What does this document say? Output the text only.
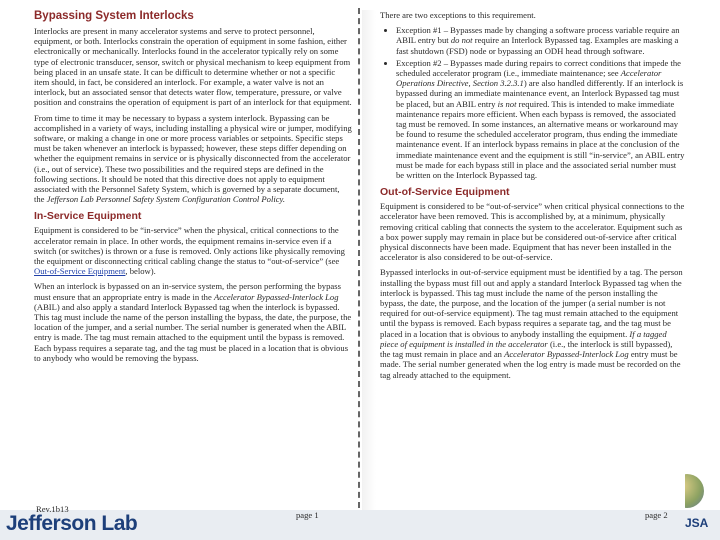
Jefferson Lab	JSA
Bypassing System Interlocks

Interlocks are present in many accelerator systems and serve to protect personnel, equipment, or both. Interlocks constrain the operation of equipment in some fashion, either electronically or mechanically. Interlocks found in the accelerator typically rely on some type of electronic transducer, sensor, switch or physical mechanism to keep equipment from being placed in an unsafe state. It can be difficult to determine whether or not a specific item should, in fact, be considered an interlock. For example, a water valve is not an interlock, but an associated sensor that detects water flow, temperature, pressure, or valve position and constrains the operation of equipment is part of an interlock for that equipment.

From time to time it may be necessary to bypass a system interlock. Bypassing can be accomplished in a variety of ways, including installing a physical wire or jumper, modifying software, or making a change in one or more process variables or setpoints. Specific steps must be taken whenever an interlock is bypassed; however, these steps differ depending on whether the equipment remains in service or is physically disconnected from the accelerator (i.e., out of service). These two possibilities and the required steps are defined in the following sections. It should be noted that this directive does not apply to equipment associated with the Personnel Safety System, which is governed by a separate document, the Jefferson Lab Personnel Safety System Configuration Control Policy.

In-Service Equipment

Equipment is considered to be “in-service” when the physical, critical connections to the accelerator remain in place. In other words, the equipment remains in-service even if a switch (or switches) is thrown or a fuse is removed. Only actions like physically removing the equipment or disconnecting critical cabling change the status to “out-of-service” (see Out-of-Service Equipment, below).

When an interlock is bypassed on an in-service system, the person performing the bypass must ensure that an appropriate entry is made in the Accelerator Bypassed-Interlock Log (ABIL) and also apply a standard Interlock Bypassed tag when the interlock is bypassed. This tag must include the name of the person installing the bypass, the date, the purpose, the location of the jumper, and a serial number. The serial number is generated when the ABIL entry is made. The tag must remain attached to the equipment until the bypass is removed. Each bypass requires a separate tag, and the tag must be placed in a location that is obvious to anybody who would be removing the bypass.

Rev.1b13
page 1

There are two exceptions to this requirement.

• Exception #1 – Bypasses made by changing a software process variable require an ABIL entry but do not require an Interlock Bypassed tag. Examples are masking a fast shutdown (FSD) node or bypassing an ODH head through software.
• Exception #2 – Bypasses made during repairs to correct conditions that impede the scheduled accelerator program (i.e., immediate maintenance; see Accelerator Operations Directive, Section 3.2.3.1) are also handled differently. If an interlock is bypassed during an immediate maintenance event, an Interlock Bypassed tag must be placed, but an ABIL entry is not required. This is intended to make immediate maintenance repairs more efficient. When each bypass is removed, the associated tag must be removed. In some instances, an alternative means or workaround may be found to resume the scheduled accelerator program, thus ending the immediate maintenance event. If an interlock bypass remains in place at the conclusion of the immediate maintenance event and the equipment is still “in-service”, an ABIL entry must be made for each bypass still in place and the associated serial number must be written on the Interlock Bypassed tag.
Out-of-Service Equipment

Equipment is considered to be “out-of-service” when critical physical connections to the accelerator have been removed. This is accomplished by, at a minimum, physically removing critical cabling that connects the system to the accelerator. Equipment such as a box power supply may remain in place but be considered out-of-service after critical physical disconnects have been made. Equipment that has never been installed in the accelerator is also considered to be out-of-service.

Bypassed interlocks in out-of-service equipment must be identified by a tag. The person installing the bypass must fill out and apply a standard Interlock Bypassed tag when the interlock is bypassed. This tag must include the name of the person installing the bypass, the date, the purpose, and the location of the jumper (a serial number is not required for out-of-service equipment). The tag must remain attached to the equipment until the bypass is removed. Each bypass requires a separate tag, and the tag must be placed in a location that is obvious to anybody installing the equipment. If a tagged piece of equipment is installed in the accelerator (i.e., the interlock is still bypassed), the tag must remain in place and an Accelerator Bypassed-Interlock Log entry must be made. The serial number generated when the log entry is made must be recorded on the tag already attached to the equipment.

page 2
